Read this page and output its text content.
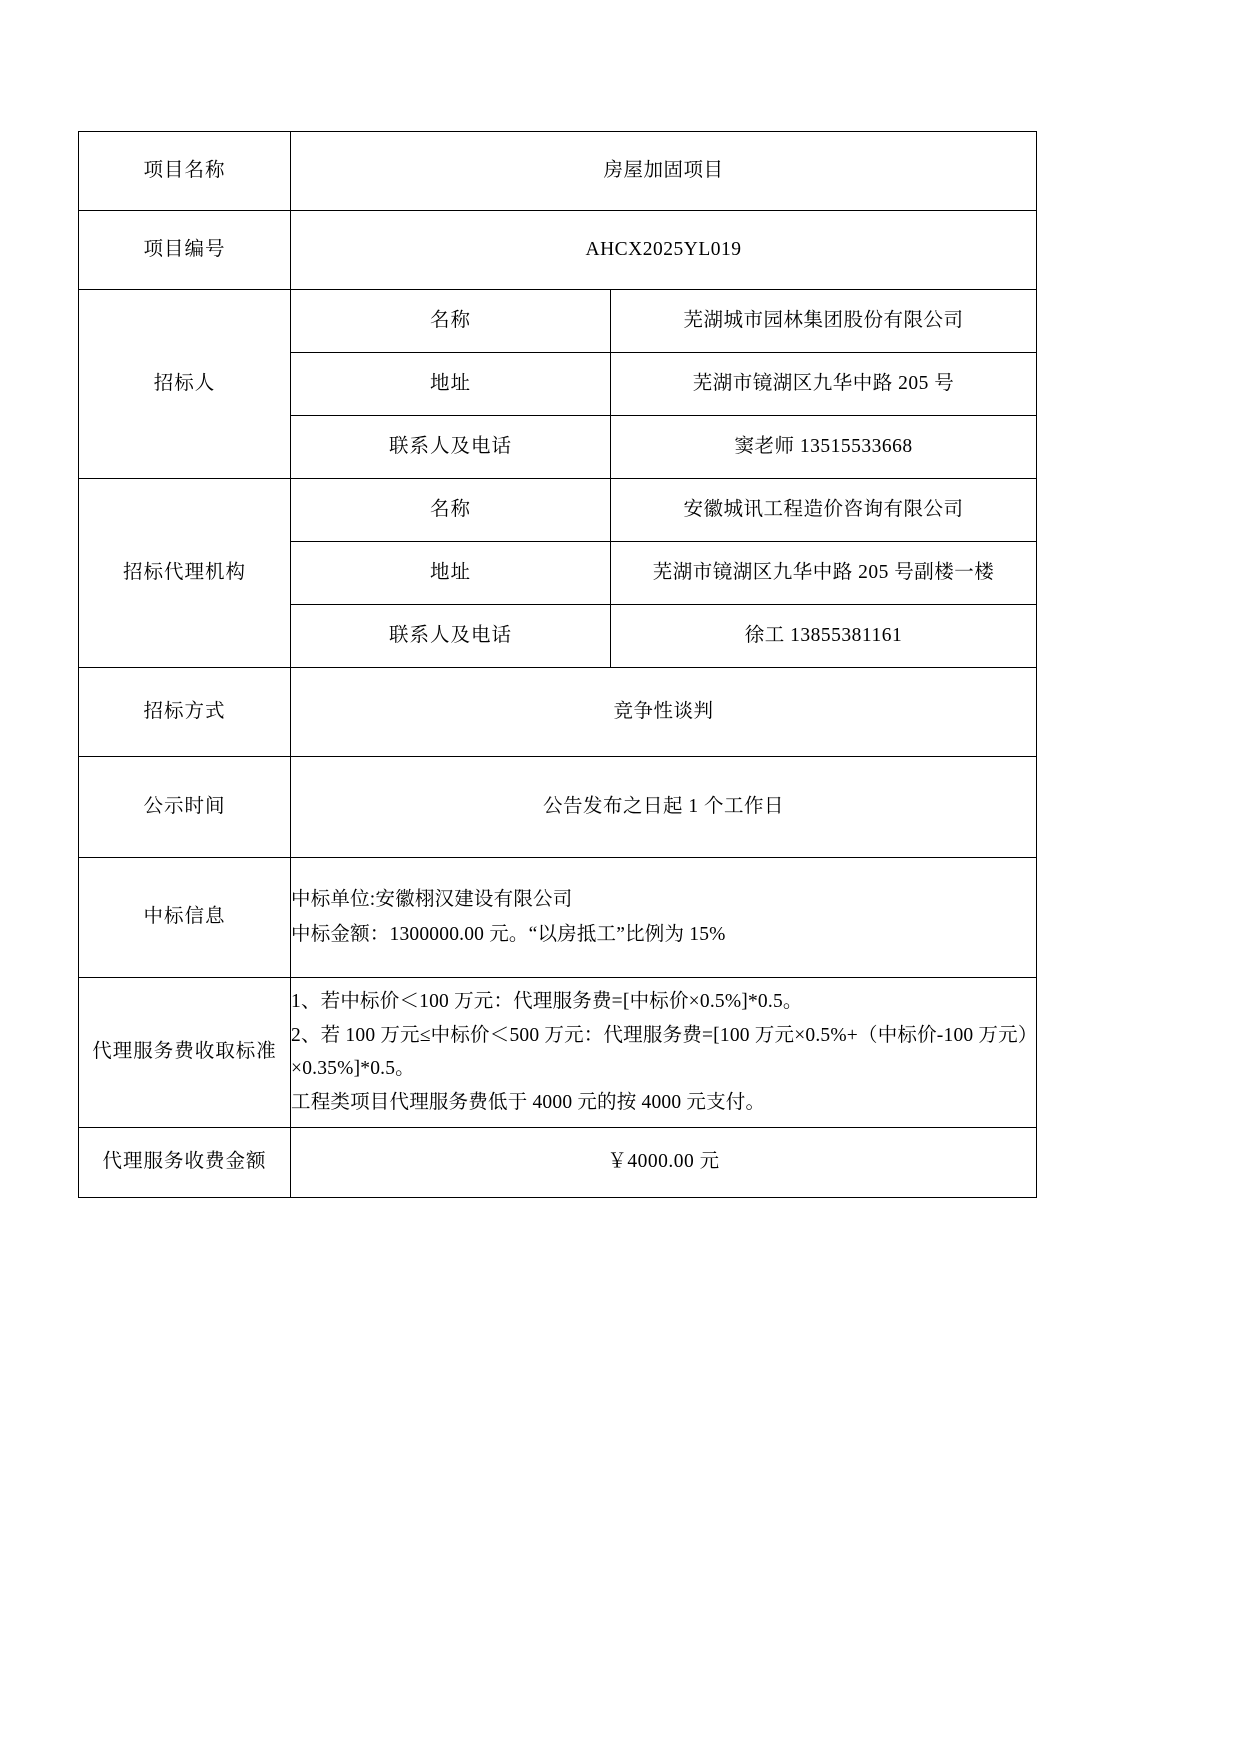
项目名称	房屋加固项目	
项目编号	AHCX2025YL019	
招标人	名称	芜湖城市园林集团股份有限公司
	地址	芜湖市镜湖区九华中路 205 号
	联系人及电话	窦老师 13515533668
招标代理机构	名称	安徽城讯工程造价咨询有限公司
	地址	芜湖市镜湖区九华中路 205 号副楼一楼
	联系人及电话	徐工 13855381161
招标方式	竞争性谈判	
公示时间	公告发布之日起 1 个工作日	
中标信息	中标单位:安徽栩汉建设有限公司
中标金额：1300000.00 元。“以房抵工”比例为 15%	

代理服务费收取标准	1、若中标价＜100 万元：代理服务费=[中标价×0.5%]*0.5。
2、若 100 万元≤中标价＜500 万元：代理服务费=[100 万元×0.5%+（中标价-100 万元）×0.35%]*0.5。
工程类项目代理服务费低于 4000 元的按 4000 元支付。	

代理服务收费金额	￥4000.00 元	
